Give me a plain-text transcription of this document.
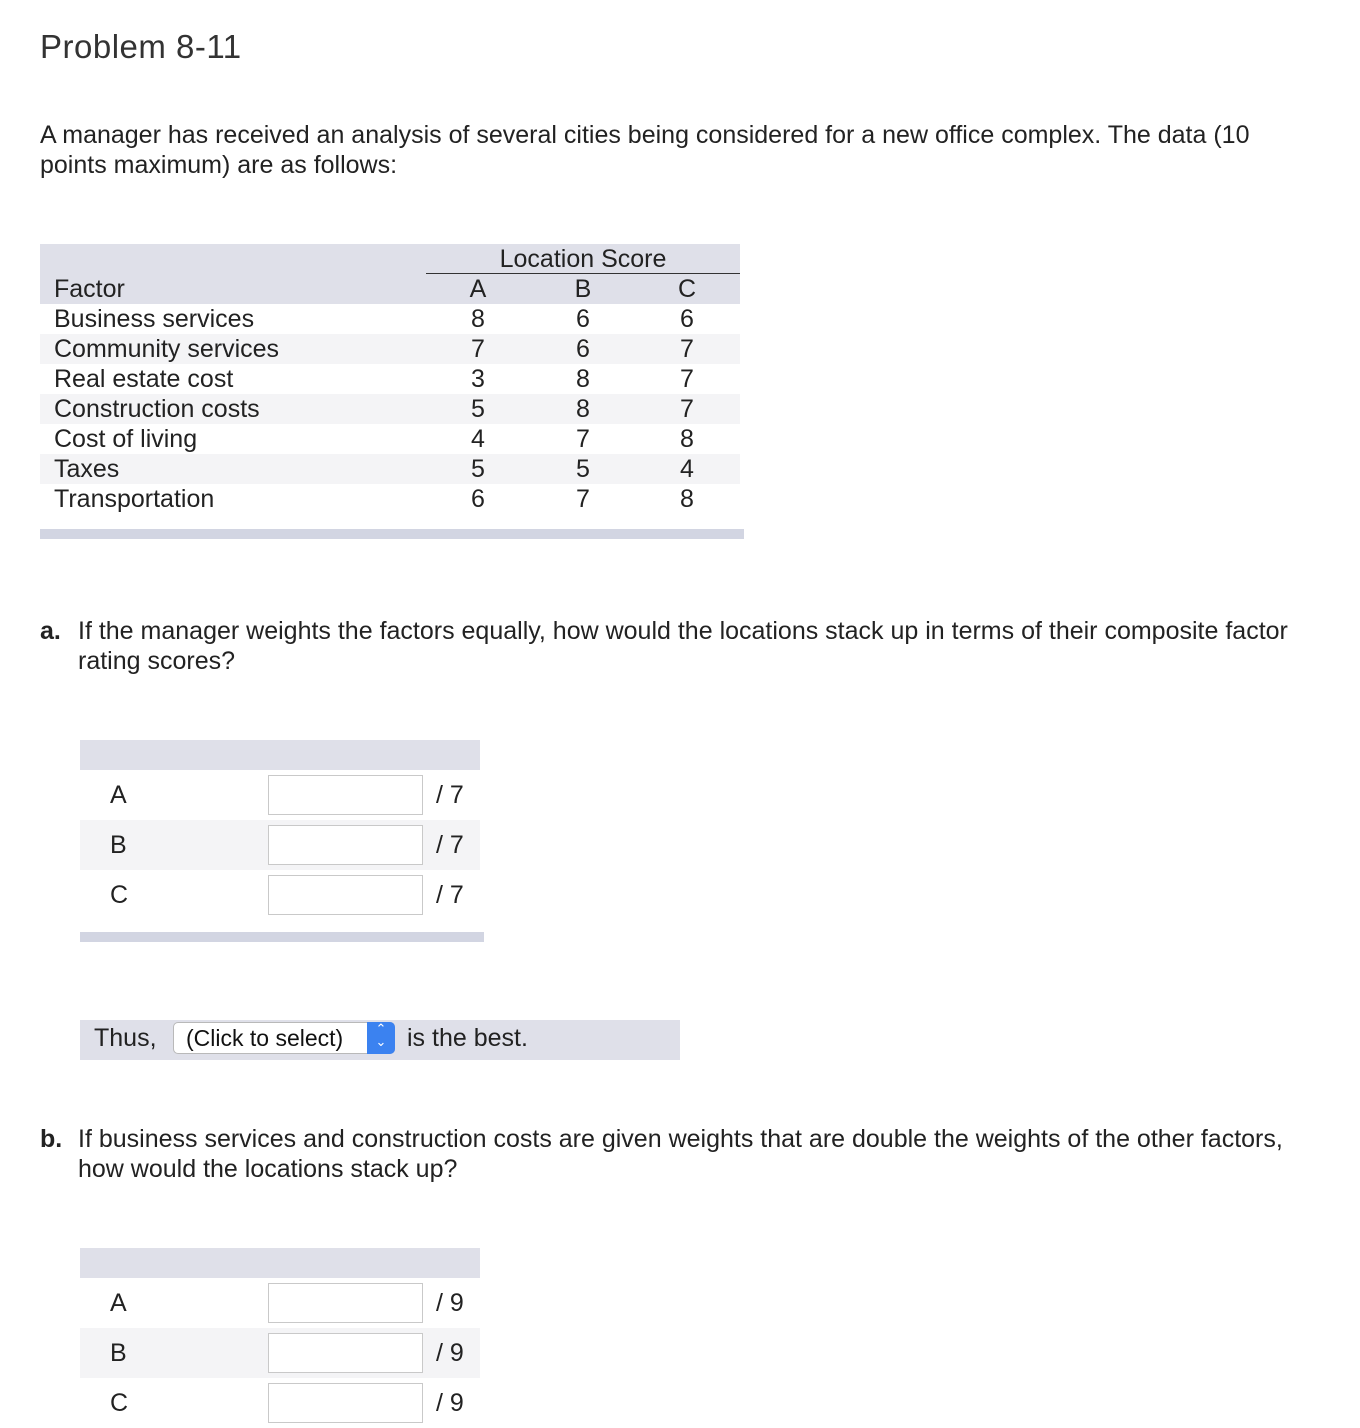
Problem 8-11

A manager has received an analysis of several cities being considered for a new office complex. The data (10 points maximum) are as follows:

Location Score
Factor	A	B	C
Business services	8	6	6
Community services	7	6	7
Real estate cost	3	8	7
Construction costs	5	8	7
Cost of living	4	7	8
Taxes	5	5	4
Transportation	6	7	8
a. If the manager weights the factors equally, how would the locations stack up in terms of their composite factor rating scores?
A	/ 7
B	/ 7
C	/ 7
Thus,	(Click to select)	⌃
⌄ is the best.
b. If business services and construction costs are given weights that are double the weights of the other factors, how would the locations stack up?
A	/ 9
B	/ 9
C	/ 9
